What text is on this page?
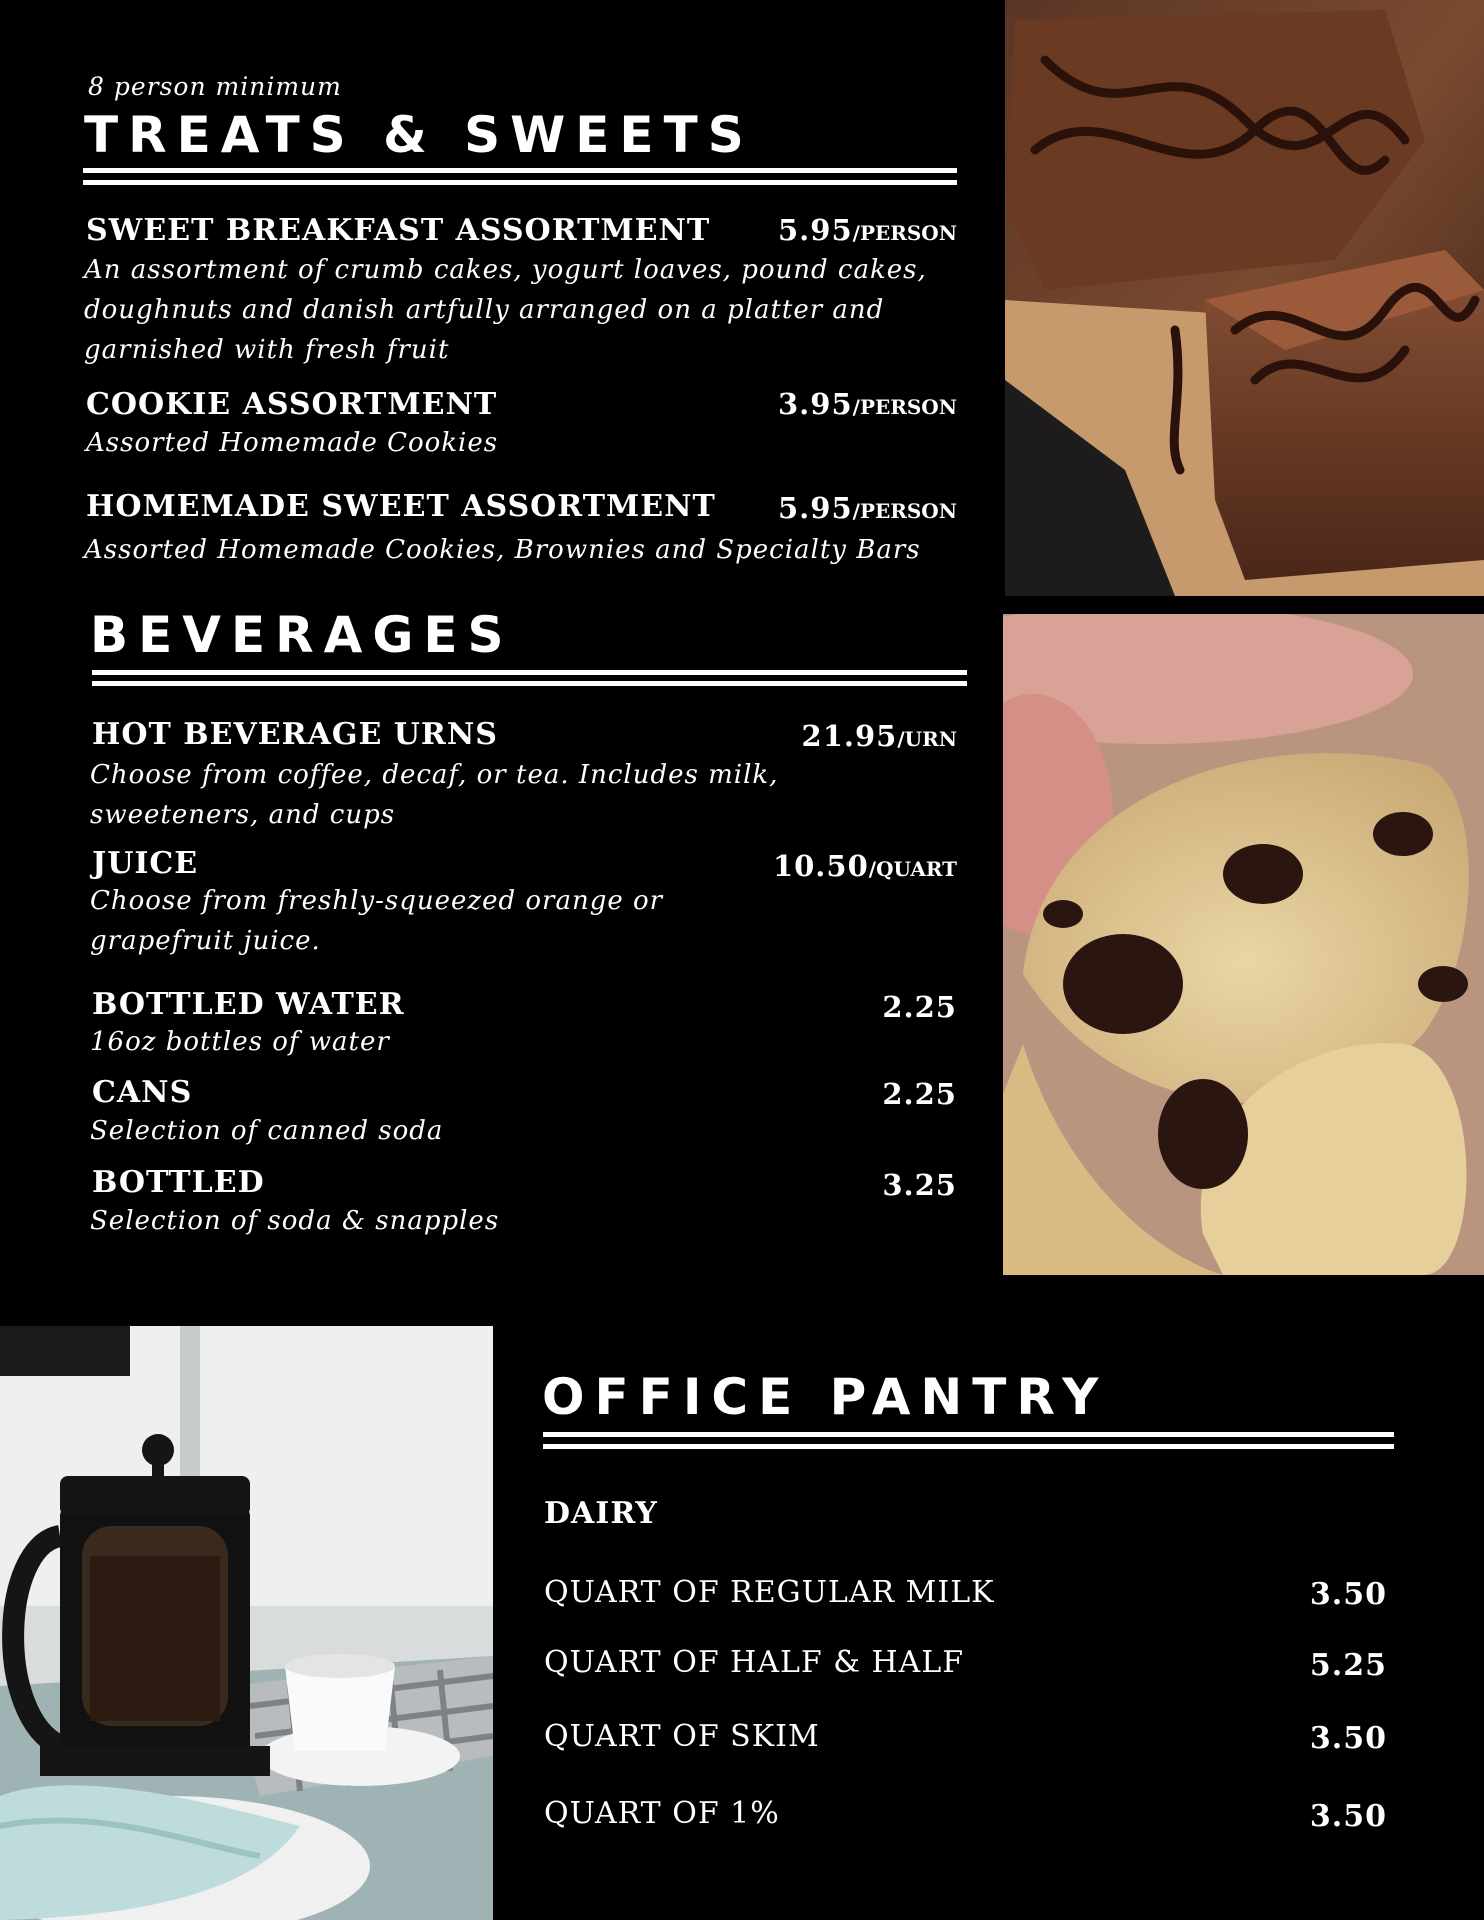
8 person minimum
TREATS & SWEETS
SWEET BREAKFAST ASSORTMENT 5.95/PERSON
An assortment of crumb cakes, yogurt loaves, pound cakes,
doughnuts and danish artfully arranged on a platter and
garnished with fresh fruit
COOKIE ASSORTMENT	3.95/PERSON
Assorted Homemade Cookies
HOMEMADE SWEET ASSORTMENT 5.95/PERSON
Assorted Homemade Cookies, Brownies and Specialty Bars
BEVERAGES
HOT BEVERAGE URNS	21.95/URN
Choose from coffee, decaf, or tea. Includes milk,
sweeteners, and cups
JUICE	10.50/QUART
Choose from freshly-squeezed orange or
grapefruit juice.
BOTTLED WATER	2.25
16oz bottles of water
CANS	2.25
Selection of canned soda
BOTTLED	3.25
Selection of soda & snapples
OFFICE PANTRY
DAIRY
QUART OF REGULAR MILK	3.50
QUART OF HALF & HALF	5.25
QUART OF SKIM	3.50
QUART OF 1%	3.50
